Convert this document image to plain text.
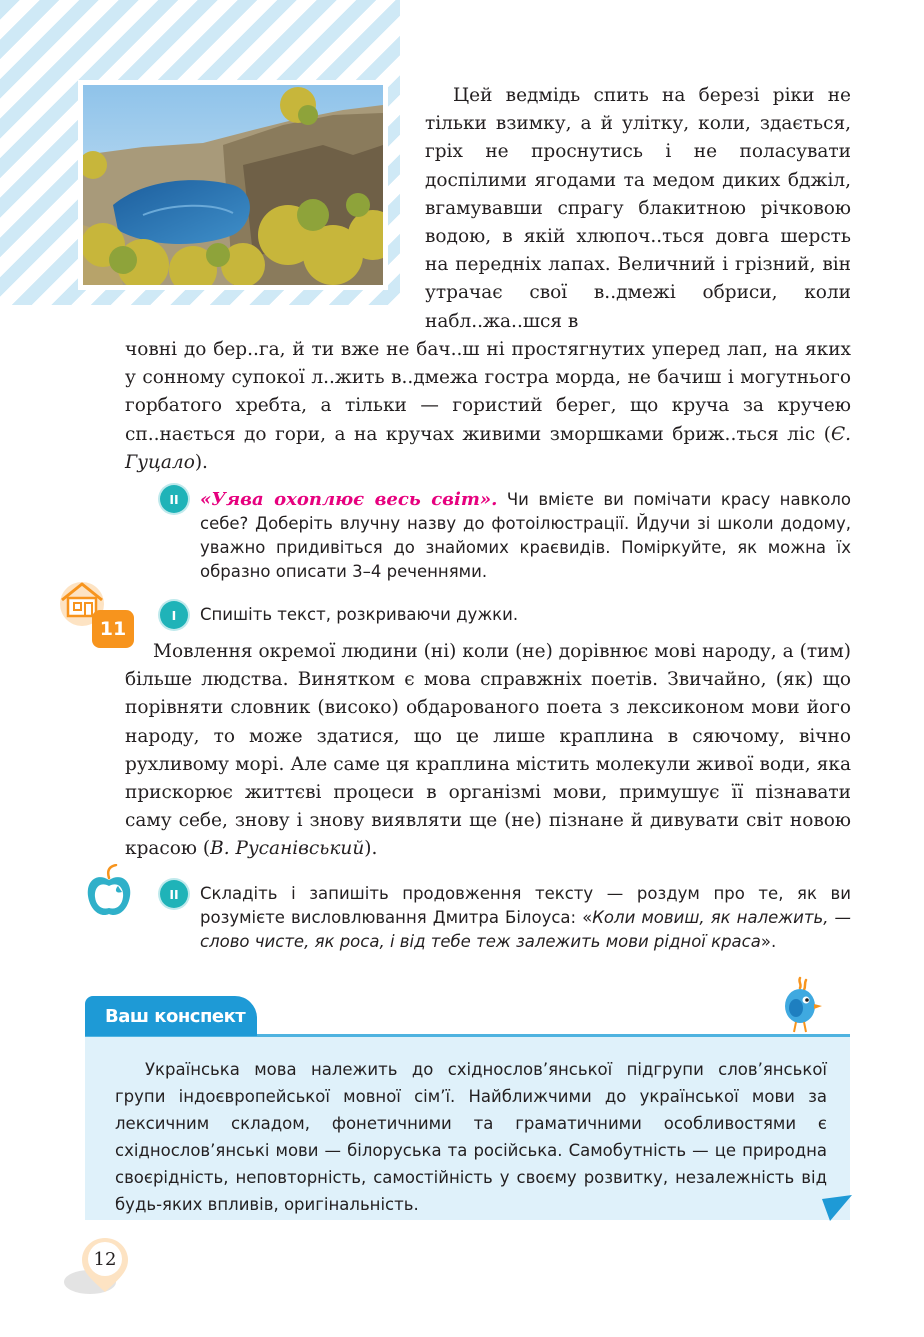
Цей ведмідь спить на березі ріки не тільки взимку, а й улітку, коли, здається, гріх не проснутись і не поласувати доспілими ягодами та медом диких бджіл, вгамувавши спрагу блакитною річковою водою, в якій хлюпоч..ться довга шерсть на передніх лапах. Величний і грізний, він утрачає свої в..дмежі обриси, коли набл..жа..шся в
човні до бер..га, й ти вже не бач..ш ні простягнутих уперед лап, на яких у сонному супокої л..жить в..дмежа гостра морда, не бачиш і могутнього горбатого хребта, а тільки — гористий берег, що круча за кручею сп..нається до гори, а на кручах живими зморшками бриж..ться ліс (Є. Гуцало).
II	«Уява охоплює весь світ». Чи вмієте ви помічати красу навколо себе? Доберіть влучну назву до фотоілюстрації. Йдучи зі школи додому, уважно придивіться до знайомих краєвидів. Поміркуйте, як можна їх образно описати 3–4 реченнями.
11
I	Спишіть текст, розкриваючи дужки.
Мовлення окремої людини (ні) коли (не) дорівнює мові народу, а (тим) більше людства. Винятком є мова справжніх поетів. Звичайно, (як) що порівняти словник (високо) обдарованого поета з лексиконом мови його народу, то може здатися, що це лише краплина в сяючому, вічно рухливому морі. Але саме ця краплина містить молекули живої води, яка прискорює життєві процеси в організмі мови, примушує її пізнавати саму себе, знову і знову виявляти ще (не) пізнане й дивувати світ новою красою (В. Русанівський).
II	Складіть і запишіть продовження тексту — роздум про те, як ви розумієте висловлювання Дмитра Білоуса: «Коли мовиш, як належить, — слово чисте, як роса, і від тебе теж залежить мови рідної краса».
Ваш конспект
Українська мова належить до східнослов’янської підгрупи слов’янської групи індоєвропейської мовної сім’ї. Найближчими до української мови за лексичним складом, фонетичними та граматичними особливостями є східнослов’янські мови — білоруська та російська. Самобутність — це природна своєрідність, неповторність, самостійність у своєму розвитку, незалежність від будь-яких впливів, оригінальність.
12
